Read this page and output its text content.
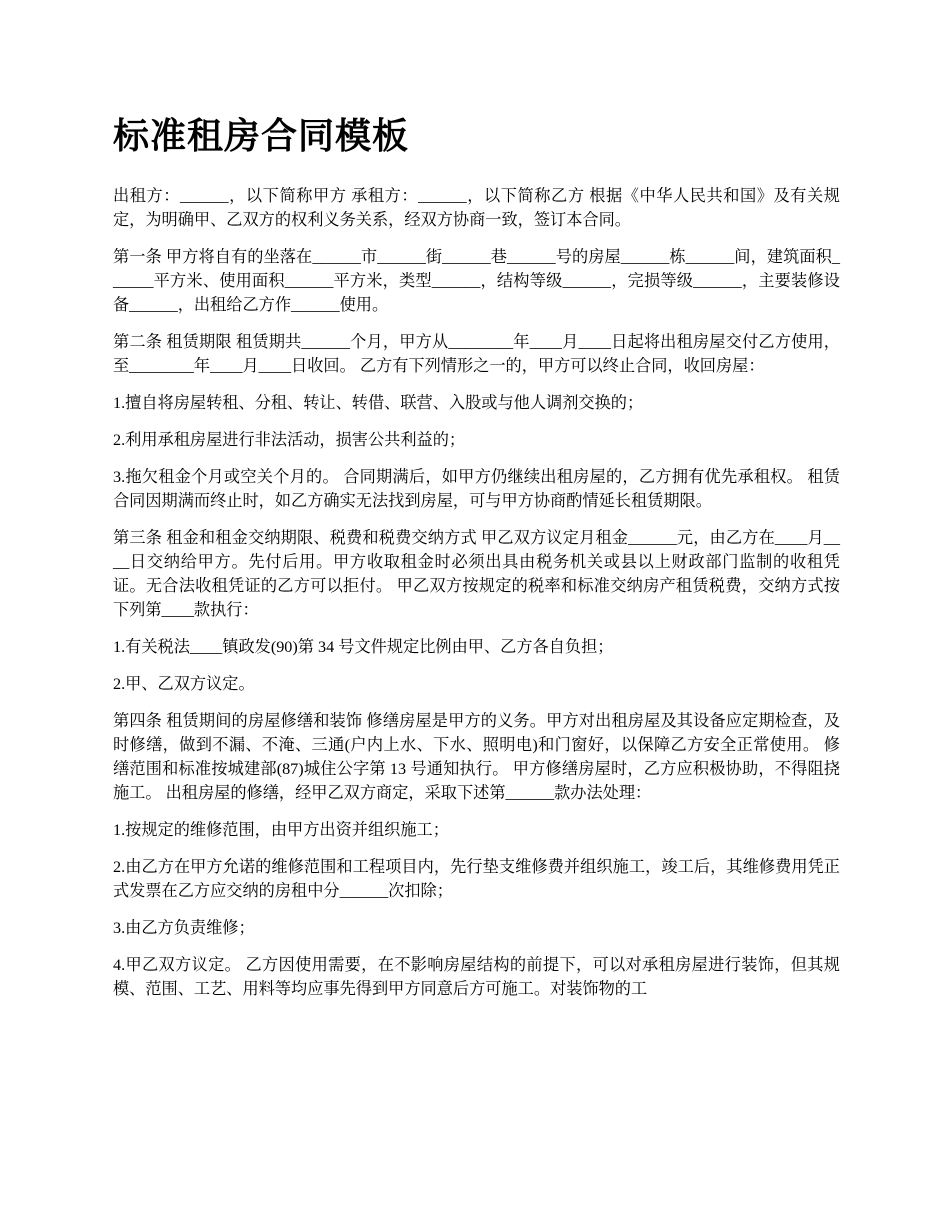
标准租房合同模板

出租方：______，以下简称甲方 承租方：______，以下简称乙方 根据《中华人民共和国》及有关规定，为明确甲、乙双方的权利义务关系，经双方协商一致，签订本合同。

第一条 甲方将自有的坐落在______市______街______巷______号的房屋______栋______间，建筑面积______平方米、使用面积______平方米，类型______，结构等级______，完损等级______，主要装修设备______，出租给乙方作______使用。

第二条 租赁期限 租赁期共______个月，甲方从________年____月____日起将出租房屋交付乙方使用，至________年____月____日收回。 乙方有下列情形之一的，甲方可以终止合同，收回房屋：

1.擅自将房屋转租、分租、转让、转借、联营、入股或与他人调剂交换的；

2.利用承租房屋进行非法活动，损害公共利益的；

3.拖欠租金个月或空关个月的。 合同期满后，如甲方仍继续出租房屋的，乙方拥有优先承租权。 租赁合同因期满而终止时，如乙方确实无法找到房屋，可与甲方协商酌情延长租赁期限。

第三条 租金和租金交纳期限、税费和税费交纳方式 甲乙双方议定月租金______元，由乙方在____月____日交纳给甲方。先付后用。甲方收取租金时必须出具由税务机关或县以上财政部门监制的收租凭证。无合法收租凭证的乙方可以拒付。 甲乙双方按规定的税率和标准交纳房产租赁税费，交纳方式按下列第____款执行：

1.有关税法____镇政发(90)第 34 号文件规定比例由甲、乙方各自负担；

2.甲、乙双方议定。

第四条 租赁期间的房屋修缮和装饰 修缮房屋是甲方的义务。甲方对出租房屋及其设备应定期检查，及时修缮，做到不漏、不淹、三通(户内上水、下水、照明电)和门窗好，以保障乙方安全正常使用。 修缮范围和标准按城建部(87)城住公字第 13 号通知执行。 甲方修缮房屋时，乙方应积极协助，不得阻挠施工。 出租房屋的修缮，经甲乙双方商定，采取下述第______款办法处理：

1.按规定的维修范围，由甲方出资并组织施工；

2.由乙方在甲方允诺的维修范围和工程项目内，先行垫支维修费并组织施工，竣工后，其维修费用凭正式发票在乙方应交纳的房租中分______次扣除；

3.由乙方负责维修；

4.甲乙双方议定。 乙方因使用需要，在不影响房屋结构的前提下，可以对承租房屋进行装饰，但其规模、范围、工艺、用料等均应事先得到甲方同意后方可施工。对装饰物的工
